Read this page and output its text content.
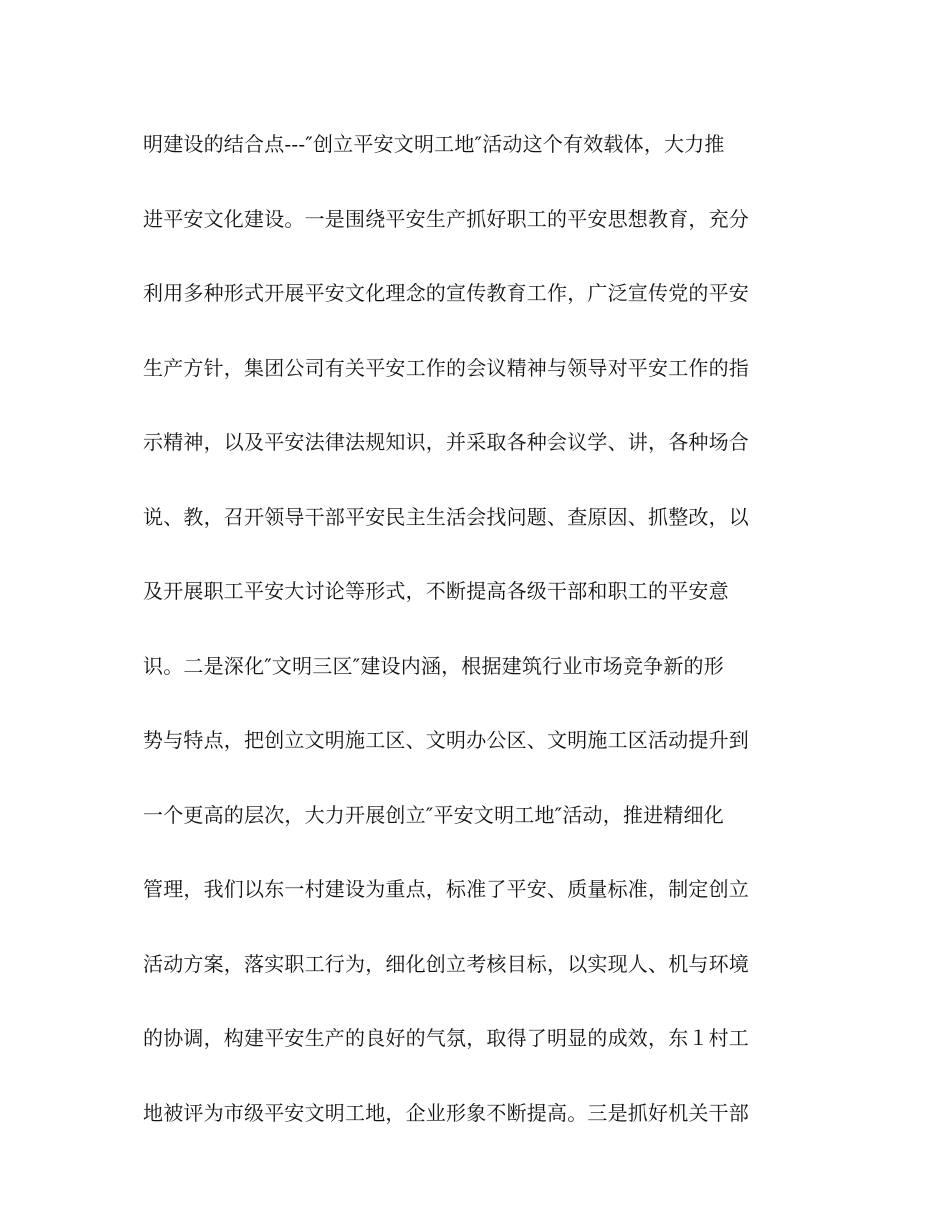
明建设的结合点---″创立平安文明工地″活动这个有效载体，大力推
进平安文化建设。一是围绕平安生产抓好职工的平安思想教育，充分
利用多种形式开展平安文化理念的宣传教育工作，广泛宣传党的平安
生产方针，集团公司有关平安工作的会议精神与领导对平安工作的指
示精神，以及平安法律法规知识，并采取各种会议学、讲，各种场合
说、教，召开领导干部平安民主生活会找问题、查原因、抓整改，以
及开展职工平安大讨论等形式，不断提高各级干部和职工的平安意
识。二是深化″文明三区″建设内涵，根据建筑行业市场竞争新的形
势与特点，把创立文明施工区、文明办公区、文明施工区活动提升到
一个更高的层次，大力开展创立″平安文明工地″活动，推进精细化
管理，我们以东一村建设为重点，标准了平安、质量标准，制定创立
活动方案，落实职工行为，细化创立考核目标，以实现人、机与环境
的协调，构建平安生产的良好的气氛，取得了明显的成效，东１村工
地被评为市级平安文明工地，企业形象不断提高。三是抓好机关干部
